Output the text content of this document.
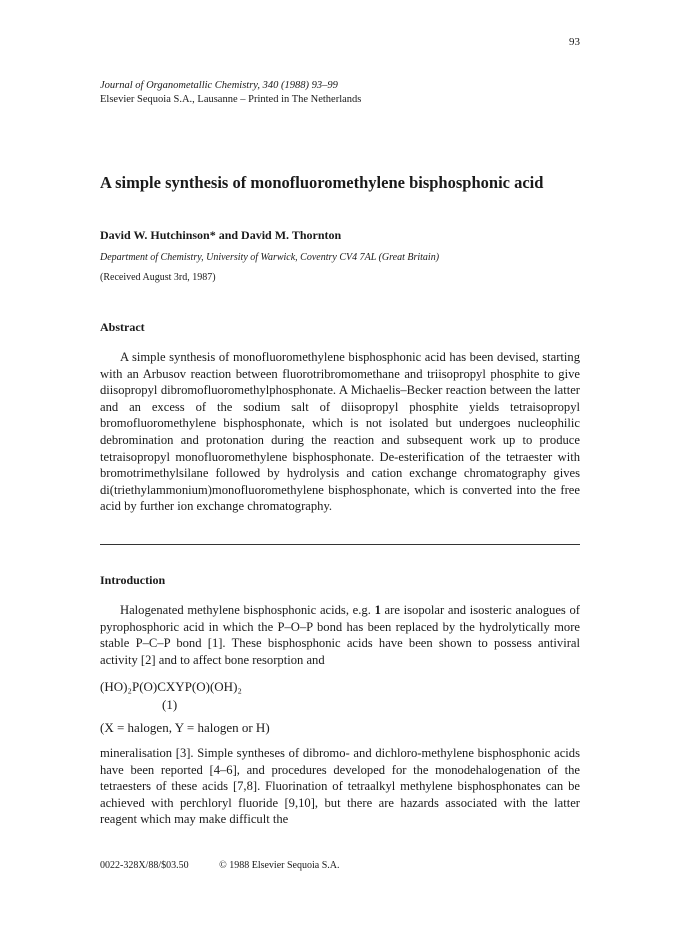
93
Journal of Organometallic Chemistry, 340 (1988) 93–99
Elsevier Sequoia S.A., Lausanne – Printed in The Netherlands
A simple synthesis of monofluoromethylene bisphosphonic acid
David W. Hutchinson* and David M. Thornton
Department of Chemistry, University of Warwick, Coventry CV4 7AL (Great Britain)
(Received August 3rd, 1987)
Abstract

A simple synthesis of monofluoromethylene bisphosphonic acid has been devised, starting with an Arbusov reaction between fluorotribromomethane and triisopropyl phosphite to give diisopropyl dibromofluoromethylphosphonate. A Michaelis–Becker reaction between the latter and an excess of the sodium salt of diisopropyl phosphite yields tetraisopropyl bromofluoromethylene bisphosphonate, which is not isolated but undergoes nucleophilic debromination and protonation during the reaction and subsequent work up to produce tetraisopropyl monofluoromethylene bisphosphonate. De-esterification of the tetraester with bromotrimethylsilane followed by hydrolysis and cation exchange chromatography gives di(triethylammonium)monofluoromethylene bisphosphonate, which is converted into the free acid by further ion exchange chromatography.

Introduction

Halogenated methylene bisphosphonic acids, e.g. 1 are isopolar and isosteric analogues of pyrophosphoric acid in which the P–O–P bond has been replaced by the hydrolytically more stable P–C–P bond [1]. These bisphosphonic acids have been shown to possess antiviral activity [2] and to affect bone resorption and

(HO)₂P(O)CXYP(O)(OH)₂
(1)
(X = halogen, Y = halogen or H)

mineralisation [3]. Simple syntheses of dibromo- and dichloro-methylene bisphosphonic acids have been reported [4–6], and procedures developed for the monodehalogenation of the tetraesters of these acids [7,8]. Fluorination of tetraalkyl methylene bisphosphonates can be achieved with perchloryl fluoride [9,10], but there are hazards associated with the latter reagent which may make difficult the

0022-328X/88/$03.50	© 1988 Elsevier Sequoia S.A.
